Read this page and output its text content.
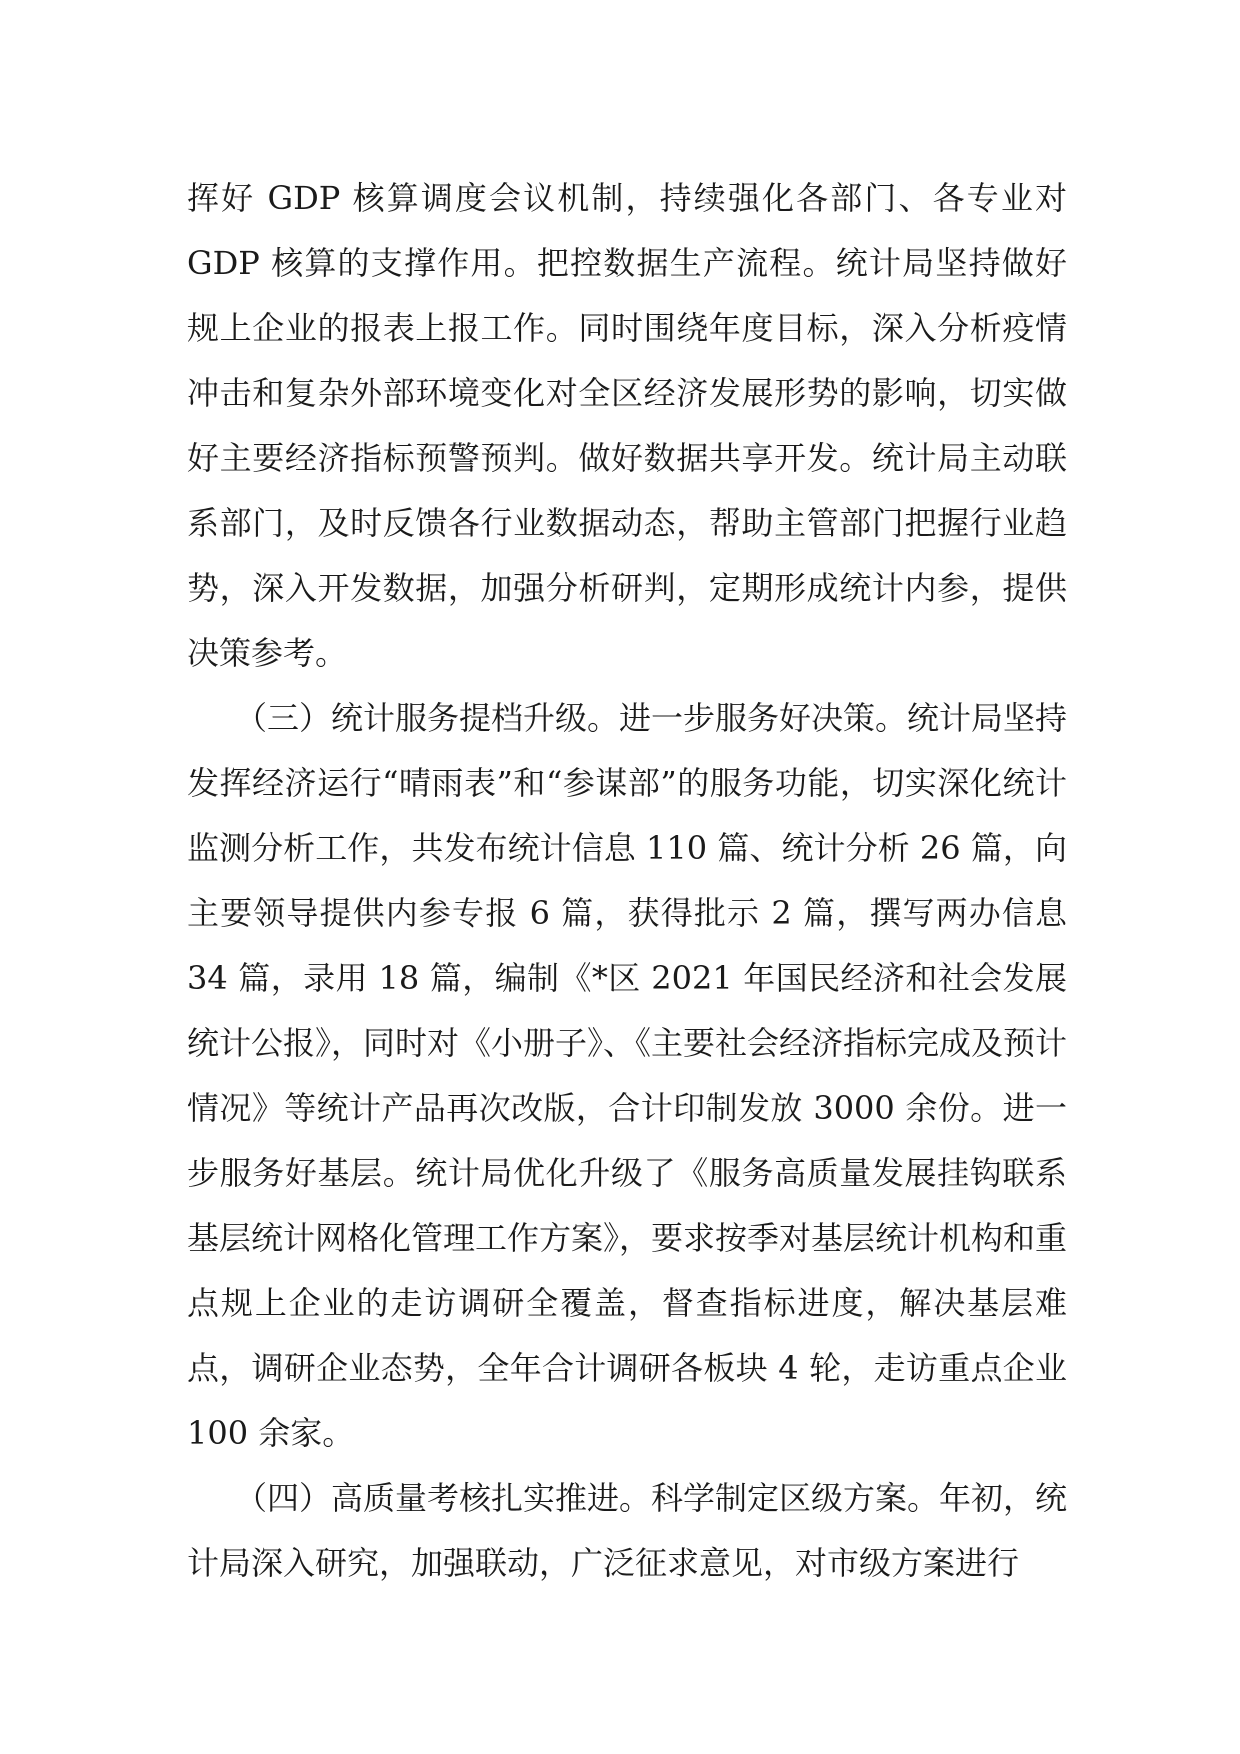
挥好 GDP 核算调度会议机制，持续强化各部门、各专业对 GDP 核算的支撑作用。把控数据生产流程。统计局坚持做好规上企业的报表上报工作。同时围绕年度目标，深入分析疫情冲击和复杂外部环境变化对全区经济发展形势的影响，切实做好主要经济指标预警预判。做好数据共享开发。统计局主动联系部门，及时反馈各行业数据动态，帮助主管部门把握行业趋势，深入开发数据，加强分析研判，定期形成统计内参，提供决策参考。

　　（三）统计服务提档升级。进一步服务好决策。统计局坚持发挥经济运行“晴雨表”和“参谋部”的服务功能，切实深化统计监测分析工作，共发布统计信息 110 篇、统计分析 26 篇，向主要领导提供内参专报 6 篇，获得批示 2 篇，撰写两办信息 34 篇，录用 18 篇，编制《*区 2021 年国民经济和社会发展统计公报》，同时对《小册子》、《主要社会经济指标完成及预计情况》等统计产品再次改版，合计印制发放 3000 余份。进一步服务好基层。统计局优化升级了《服务高质量发展挂钩联系基层统计网格化管理工作方案》，要求按季对基层统计机构和重点规上企业的走访调研全覆盖，督查指标进度，解决基层难点，调研企业态势，全年合计调研各板块 4 轮，走访重点企业 100 余家。

　　（四）高质量考核扎实推进。科学制定区级方案。年初，统计局深入研究，加强联动，广泛征求意见，对市级方案进行
